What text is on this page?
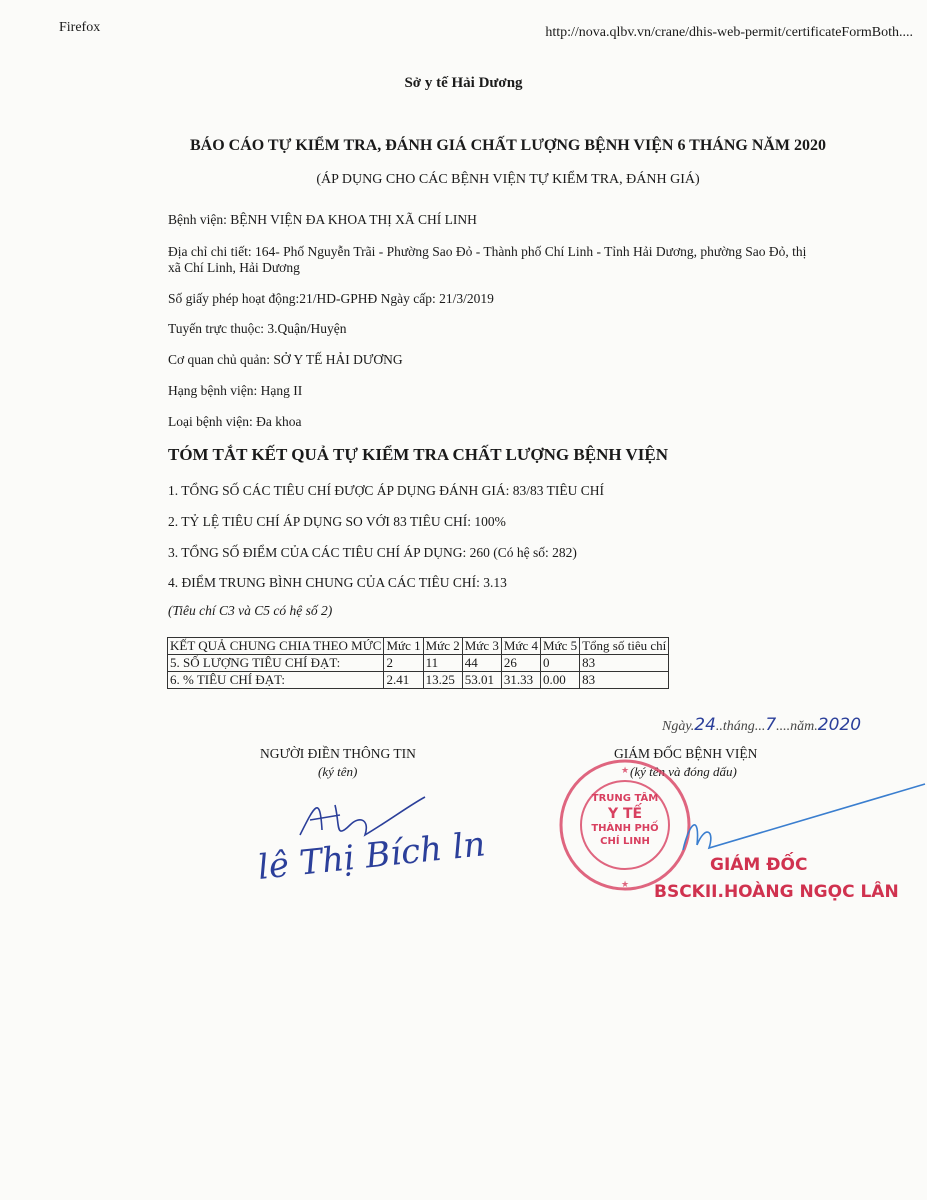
Firefox	http://nova.qlbv.vn/crane/dhis-web-permit/certificateFormBoth....
Sở y tế Hải Dương
BÁO CÁO TỰ KIỂM TRA, ĐÁNH GIÁ CHẤT LƯỢNG BỆNH VIỆN 6 THÁNG NĂM 2020
(ÁP DỤNG CHO CÁC BỆNH VIỆN TỰ KIỂM TRA, ĐÁNH GIÁ)
Bệnh viện: BỆNH VIỆN ĐA KHOA THỊ XÃ CHÍ LINH
Địa chỉ chi tiết: 164- Phố Nguyễn Trãi - Phường Sao Đỏ - Thành phố Chí Linh - Tỉnh Hải Dương, phường Sao Đỏ, thị
xã Chí Linh, Hải Dương
Số giấy phép hoạt động:21/HD-GPHĐ Ngày cấp: 21/3/2019
Tuyến trực thuộc: 3.Quận/Huyện
Cơ quan chủ quản: SỞ Y TẾ HẢI DƯƠNG
Hạng bệnh viện: Hạng II
Loại bệnh viện: Đa khoa
TÓM TẮT KẾT QUẢ TỰ KIỂM TRA CHẤT LƯỢNG BỆNH VIỆN
1. TỔNG SỐ CÁC TIÊU CHÍ ĐƯỢC ÁP DỤNG ĐÁNH GIÁ: 83/83 TIÊU CHÍ
2. TỶ LỆ TIÊU CHÍ ÁP DỤNG SO VỚI 83 TIÊU CHÍ: 100%
3. TỔNG SỐ ĐIỂM CỦA CÁC TIÊU CHÍ ÁP DỤNG: 260 (Có hệ số: 282)
4. ĐIỂM TRUNG BÌNH CHUNG CỦA CÁC TIÊU CHÍ: 3.13
(Tiêu chí C3 và C5 có hệ số 2)
KẾT QUẢ CHUNG CHIA THEO MỨC	Mức 1	Mức 2	Mức 3	Mức 4	Mức 5	Tổng số tiêu chí
5. SỐ LƯỢNG TIÊU CHÍ ĐẠT:	2	11	44	26	0	83
6. % TIÊU CHÍ ĐẠT:	2.41	13.25	53.01	31.33	0.00	83
Ngày.24..tháng...7....năm.2020
NGƯỜI ĐIỀN THÔNG TIN
(ký tên)
lê Thị Bích ln
GIÁM ĐỐC BỆNH VIỆN
(ký tên và đóng dấu)
★
★
TRUNG TÂM
Y TẾ
THÀNH PHỐ
CHÍ LINH
GIÁM ĐỐC
BSCKII.HOÀNG NGỌC LÂN
